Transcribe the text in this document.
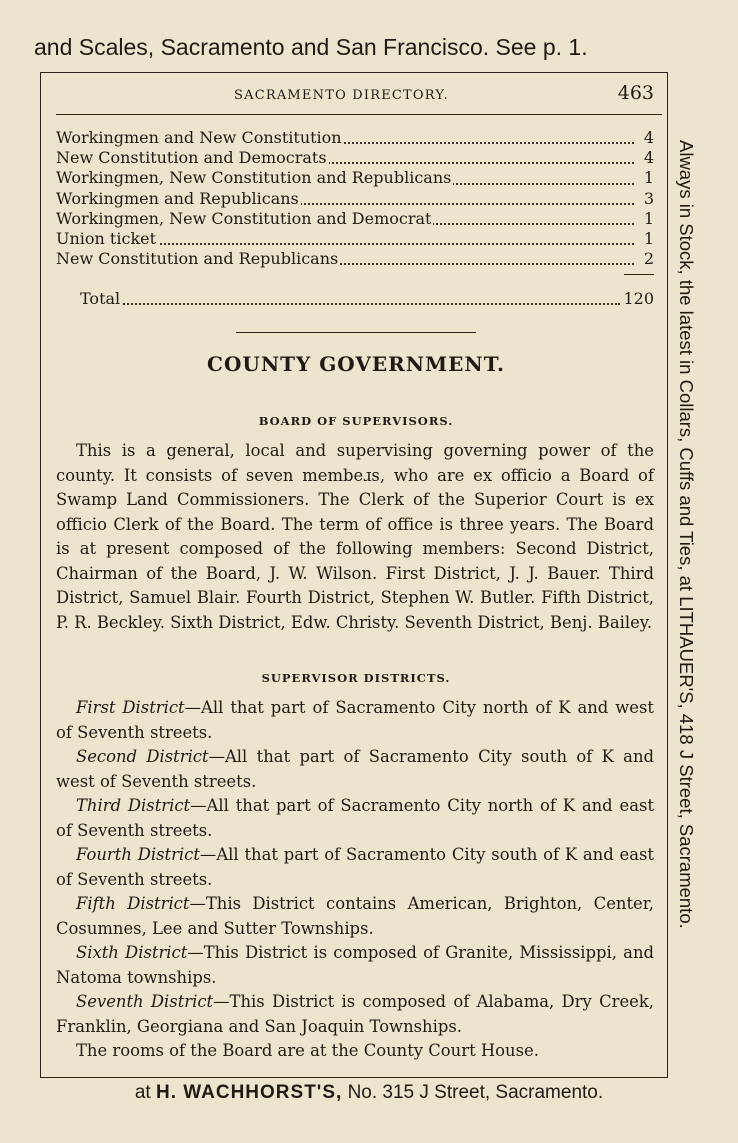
and Scales, Sacramento and San Francisco. See p. 1.
SACRAMENTO DIRECTORY.	463
Always in Stock, the latest in Collars, Cuffs and Ties, at LITHAUER'S, 418 J Street, Sacramento.
Workingmen and New Constitution	4
New Constitution and Democrats	4
Workingmen, New Constitution and Republicans	1
Workingmen and Republicans	3
Workingmen, New Constitution and Democrat	1
Union ticket	1
New Constitution and Republicans	2
Total	120
COUNTY GOVERNMENT.
BOARD OF SUPERVISORS.
This is a general, local and supervising governing power of the county. It consists of seven membeɹs, who are ex officio a Board of Swamp Land Commissioners. The Clerk of the Superior Court is ex officio Clerk of the Board. The term of office is three years. The Board is at present composed of the following members: Second District, Chairman of the Board, J. W. Wilson. First District, J. J. Bauer. Third District, Samuel Blair. Fourth District, Stephen W. Butler. Fifth District, P. R. Beckley. Sixth District, Edw. Christy. Seventh District, Benj. Bailey.
SUPERVISOR DISTRICTS.
First District—All that part of Sacramento City north of K and west of Seventh streets.
Second District—All that part of Sacramento City south of K and west of Seventh streets.
Third District—All that part of Sacramento City north of K and east of Seventh streets.
Fourth District—All that part of Sacramento City south of K and east of Seventh streets.
Fifth District—This District contains American, Brighton, Center, Cosumnes, Lee and Sutter Townships.
Sixth District—This District is composed of Granite, Mississippi, and Natoma townships.
Seventh District—This District is composed of Alabama, Dry Creek, Franklin, Georgiana and San Joaquin Townships.
The rooms of the Board are at the County Court House.
at H. WACHHORST'S, No. 315 J Street, Sacramento.
